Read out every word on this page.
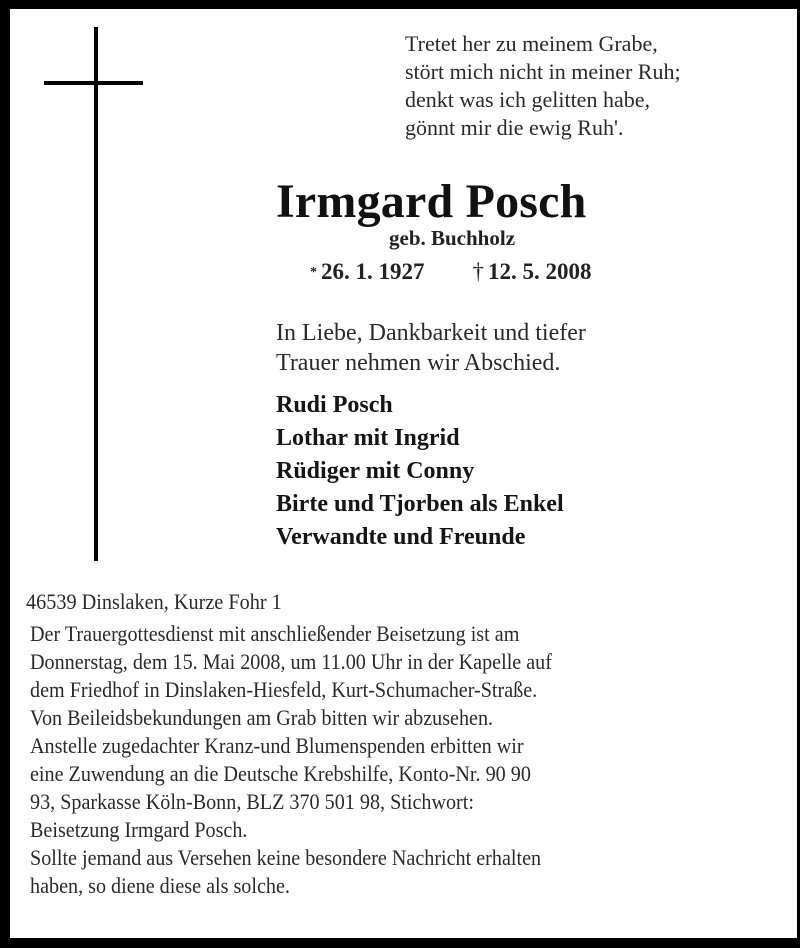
Tretet her zu meinem Grabe,
stört mich nicht in meiner Ruh;
denkt was ich gelitten habe,
gönnt mir die ewig Ruh'.
Irmgard Posch
geb. Buchholz
* 26. 1. 1927 † 12. 5. 2008
In Liebe, Dankbarkeit und tiefer
Trauer nehmen wir Abschied.
Rudi Posch
Lothar mit Ingrid
Rüdiger mit Conny
Birte und Tjorben als Enkel
Verwandte und Freunde
46539 Dinslaken, Kurze Fohr 1
Der Trauergottesdienst mit anschließender Beisetzung ist am
Donnerstag, dem 15. Mai 2008, um 11.00 Uhr in der Kapelle auf
dem Friedhof in Dinslaken-Hiesfeld, Kurt-Schumacher-Straße.
Von Beileidsbekundungen am Grab bitten wir abzusehen.
Anstelle zugedachter Kranz-und Blumenspenden erbitten wir
eine Zuwendung an die Deutsche Krebshilfe, Konto-Nr. 90 90
93, Sparkasse Köln-Bonn, BLZ 370 501 98, Stichwort:
Beisetzung Irmgard Posch.
Sollte jemand aus Versehen keine besondere Nachricht erhalten
haben, so diene diese als solche.
